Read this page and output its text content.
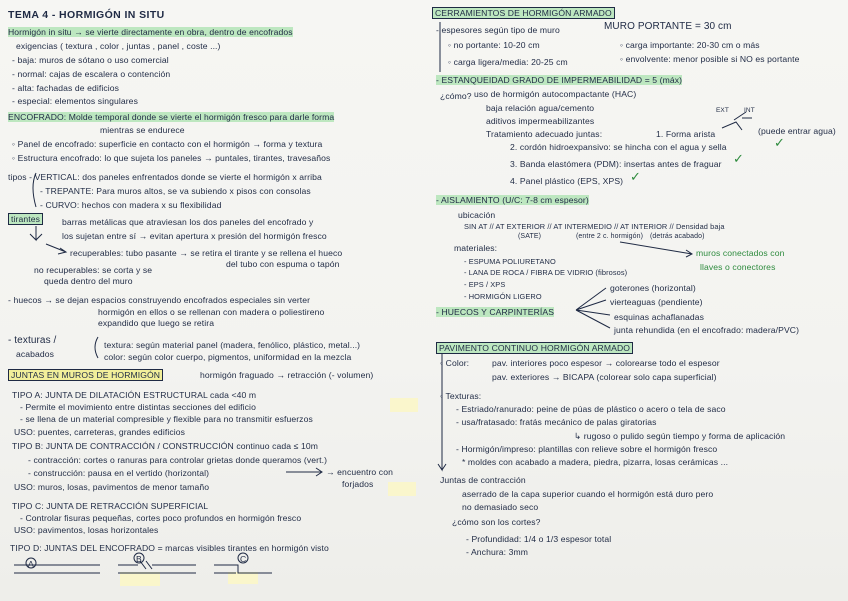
TEMA 4 - HORMIGÓN IN SITU
Hormigón in situ → se vierte directamente en obra, dentro de encofrados
exigencias ( textura , color , juntas , panel , coste ...)
- baja: muros de sótano o uso comercial
- normal: cajas de escalera o contención
- alta: fachadas de edificios
- especial: elementos singulares
ENCOFRADO: Molde temporal donde se vierte el hormigón fresco para darle forma
mientras se endurece
◦ Panel de encofrado: superficie en contacto con el hormigón → forma y textura
◦ Estructura encofrado: lo que sujeta los paneles → puntales, tirantes, travesaños
tipos - VERTICAL: dos paneles enfrentados donde se vierte el hormigón x arriba
- TREPANTE: Para muros altos, se va subiendo x pisos con consolas
- CURVO: hechos con madera x su flexibilidad
tirantes	barras metálicas que atraviesan los dos paneles del encofrado y
los sujetan entre sí → evitan apertura x presión del hormigón fresco
recuperables: tubo pasante → se retira el tirante y se rellena el hueco
del tubo con espuma o tapón
no recuperables: se corta y se
queda dentro del muro
- huecos → se dejan espacios construyendo encofrados especiales sin verter
hormigón en ellos o se rellenan con madera o poliestireno
expandido que luego se retira
- texturas /
acabados
textura: según material panel (madera, fenólico, plástico, metal...)
color: según color cuerpo, pigmentos, uniformidad en la mezcla
JUNTAS EN MUROS DE HORMIGÓN	hormigón fraguado → retracción (- volumen)
TIPO A: JUNTA DE DILATACIÓN ESTRUCTURAL cada <40 m
- Permite el movimiento entre distintas secciones del edificio
- se llena de un material compresible y flexible para no transmitir esfuerzos
USO: puentes, carreteras, grandes edificios
TIPO B: JUNTA DE CONTRACCIÓN / CONSTRUCCIÓN continuo cada ≤ 10m
- contracción: cortes o ranuras para controlar grietas donde queramos (vert.)
- construcción: pausa en el vertido (horizontal)
USO: muros, losas, pavimentos de menor tamaño
→ encuentro con
forjados
TIPO C: JUNTA DE RETRACCIÓN SUPERFICIAL
- Controlar fisuras pequeñas, cortes poco profundos en hormigón fresco
USO: pavimentos, losas horizontales
TIPO D: JUNTAS DEL ENCOFRADO = marcas visibles tirantes en hormigón visto
A	B	C
CERRAMIENTOS DE HORMIGÓN ARMADO
- espesores según tipo de muro	MURO PORTANTE = 30 cm
◦ no portante: 10-20 cm	◦ carga importante: 20-30 cm o más
◦ carga ligera/media: 20-25 cm	◦ envolvente: menor posible si NO es portante
- ESTANQUEIDAD GRADO DE IMPERMEABILIDAD = 5 (máx)
¿cómo? uso de hormigón autocompactante (HAC)
baja relación agua/cemento
aditivos impermeabilizantes
Tratamiento adecuado juntas:	1. Forma arista
EXT INT
(puede entrar agua)
2. cordón hidroexpansivo: se hincha con el agua y sella
3. Banda elastómera (PDM): insertas antes de fraguar
4. Panel plástico (EPS, XPS)
✓
✓
✓
- AISLAMIENTO (U/C: 7-8 cm espesor)
ubicación
SIN AT // AT EXTERIOR // AT INTERMEDIO // AT INTERIOR // Densidad baja
(SATE)	(entre 2 c. hormigón) (detrás acabado)
materiales:
- ESPUMA POLIURETANO
- LANA DE ROCA / FIBRA DE VIDRIO (fibrosos)
- EPS / XPS
- HORMIGÓN LIGERO
muros conectados con
llaves o conectores
- HUECOS Y CARPINTERÍAS
goterones (horizontal)
vierteaguas (pendiente)
esquinas achaflanadas
junta rehundida (en el encofrado: madera/PVC)
PAVIMENTO CONTINUO HORMIGÓN ARMADO
◦ Color:	pav. interiores poco espesor → colorearse todo el espesor
pav. exteriores → BICAPA (colorear solo capa superficial)
◦ Texturas:
- Estriado/ranurado: peine de púas de plástico o acero o tela de saco
- usa/fratasado: fratás mecánico de palas giratorias
↳ rugoso o pulido según tiempo y forma de aplicación
- Hormigón/impreso: plantillas con relieve sobre el hormigón fresco
* moldes con acabado a madera, piedra, pizarra, losas cerámicas ...
Juntas de contracción
aserrado de la capa superior cuando el hormigón está duro pero
no demasiado seco
¿cómo son los cortes?
- Profundidad: 1/4 o 1/3 espesor total
- Anchura: 3mm
